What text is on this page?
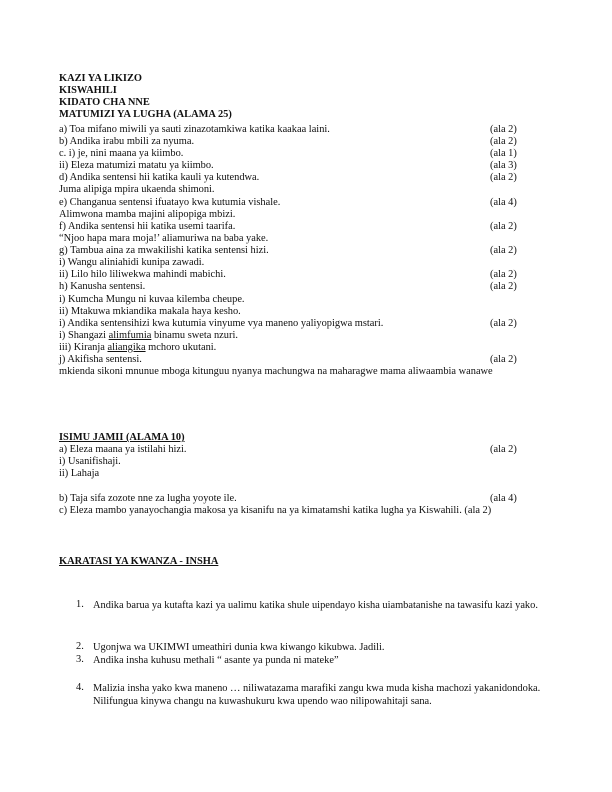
KAZI YA LIKIZO
KISWAHILI
KIDATO CHA NNE
MATUMIZI YA LUGHA (ALAMA 25)
a) Toa mifano miwili ya sauti zinazotamkiwa katika kaakaa laini.	(ala 2)
b) Andika irabu mbili za nyuma.	(ala 2)
c. i) je, nini maana ya kiimbo.	(ala 1)
ii) Eleza matumizi matatu ya kiimbo.	(ala 3)
d) Andika sentensi hii katika kauli ya kutendwa.	(ala 2)
Juma alipiga mpira ukaenda shimoni.
e) Changanua sentensi ifuatayo kwa kutumia vishale.	(ala 4)
Alimwona mamba majini alipopiga mbizi.
f) Andika sentensi hii katika usemi taarifa.	(ala 2)
“Njoo hapa mara moja!’ aliamuriwa na baba yake.
g) Tambua aina za mwakilishi katika sentensi hizi.	(ala 2)
i) Wangu aliniahidi kunipa zawadi.
ii) Lilo hilo liliwekwa mahindi mabichi.	(ala 2)
h) Kanusha sentensi.	(ala 2)
i) Kumcha Mungu ni kuvaa kilemba cheupe.
ii) Mtakuwa mkiandika makala haya kesho.
i) Andika sentensihizi kwa kutumia vinyume vya maneno yaliyopigwa mstari.	(ala 2)
i) Shangazi alimfumia binamu sweta nzuri.
iii) Kiranja aliangika mchoro ukutani.
j) Akifisha sentensi.	(ala 2)
mkienda sikoni mnunue mboga kitunguu nyanya machungwa na maharagwe mama aliwaambia wanawe
ISIMU JAMII (ALAMA 10)
a) Eleza maana ya istilahi hizi.	(ala 2)
i) Usanifishaji.
ii) Lahaja
b) Taja sifa zozote nne za lugha yoyote ile.	(ala 4)
c) Eleza mambo yanayochangia makosa ya kisanifu na ya kimatamshi katika lugha ya Kiswahili. (ala 2)
KARATASI YA KWANZA - INSHA
1. Andika barua ya kutafta kazi ya ualimu katika shule uipendayo kisha uiambatanishe na tawasifu kazi yako.
2. Ugonjwa wa UKIMWI umeathiri dunia kwa kiwango kikubwa. Jadili.
3. Andika insha kuhusu methali “ asante ya punda ni mateke”
4. Malizia insha yako kwa maneno … niliwatazama marafiki zangu kwa muda kisha machozi yakanidondoka. Nilifungua kinywa changu na kuwashukuru kwa upendo wao nilipowahitaji sana.
